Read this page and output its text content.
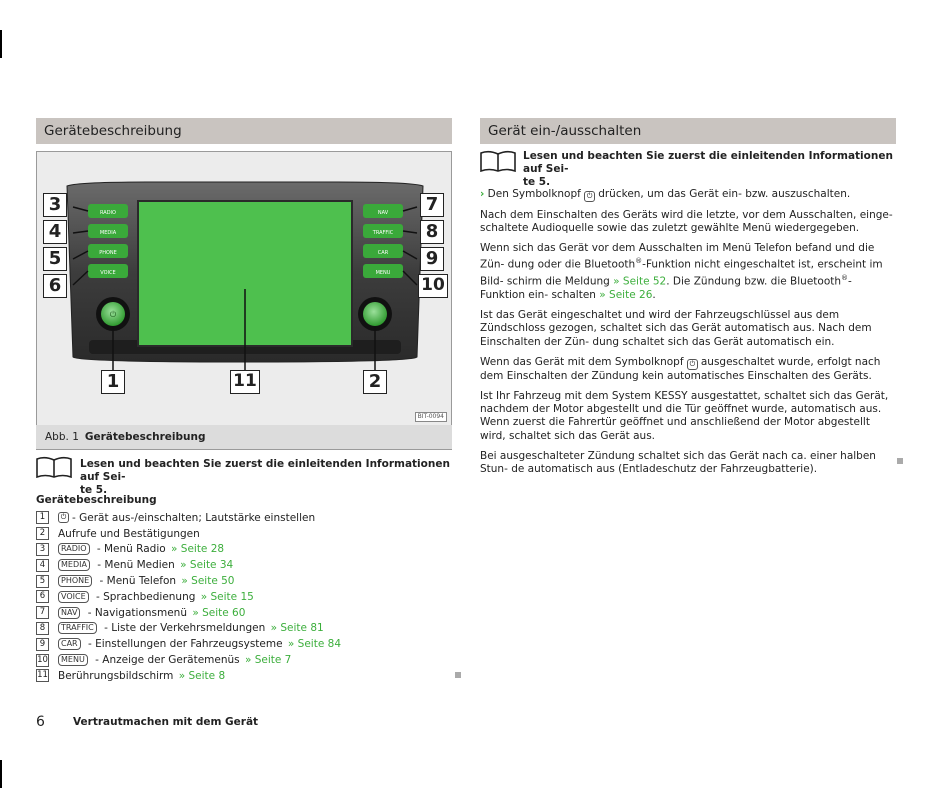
Gerätebeschreibung
RADIO
MEDIA
PHONE
VOICE
NAV
TRAFFIC
CAR
MENU
⏻
3
4
5
6
7
8
9
10
1	11	2
BIT-0094
Abb. 1 Gerätebeschreibung
Lesen und beachten Sie zuerst die einleitenden Informationen auf Sei-
te 5.
Gerätebeschreibung
1	⏻ - Gerät aus-/einschalten; Lautstärke einstellen
2	Aufrufe und Bestätigungen
3	RADIO - Menü Radio » Seite 28
4	MEDIA - Menü Medien » Seite 34
5	PHONE - Menü Telefon » Seite 50
6	VOICE - Sprachbedienung » Seite 15
7	NAV - Navigationsmenü » Seite 60
8	TRAFFIC - Liste der Verkehrsmeldungen » Seite 81
9	CAR - Einstellungen der Fahrzeugsysteme » Seite 84
10	MENU - Anzeige der Gerätemenüs » Seite 7
11 Berührungsbildschirm » Seite 8
Gerät ein-/ausschalten
Lesen und beachten Sie zuerst die einleitenden Informationen auf Sei-
te 5.

› Den Symbolknopf ⏻ drücken, um das Gerät ein- bzw. auszuschalten.

Nach dem Einschalten des Geräts wird die letzte, vor dem Ausschalten, einge- schaltete Audioquelle sowie das zuletzt gewählte Menü wiedergegeben.

Wenn sich das Gerät vor dem Ausschalten im Menü Telefon befand und die Zün- dung oder die Bluetooth®-Funktion nicht eingeschaltet ist, erscheint im Bild- schirm die Meldung » Seite 52. Die Zündung bzw. die Bluetooth®-Funktion ein- schalten » Seite 26.

Ist das Gerät eingeschaltet und wird der Fahrzeugschlüssel aus dem Zündschloss gezogen, schaltet sich das Gerät automatisch aus. Nach dem Einschalten der Zün- dung schaltet sich das Gerät automatisch ein.

Wenn das Gerät mit dem Symbolknopf ⏻ ausgeschaltet wurde, erfolgt nach dem Einschalten der Zündung kein automatisches Einschalten des Geräts.

Ist Ihr Fahrzeug mit dem System KESSY ausgestattet, schaltet sich das Gerät, nachdem der Motor abgestellt und die Tür geöffnet wurde, automatisch aus. Wenn zuerst die Fahrertür geöffnet und anschließend der Motor abgestellt wird, schaltet sich das Gerät aus.

Bei ausgeschalteter Zündung schaltet sich das Gerät nach ca. einer halben Stun- de automatisch aus (Entladeschutz der Fahrzeugbatterie).

6	Vertrautmachen mit dem Gerät
